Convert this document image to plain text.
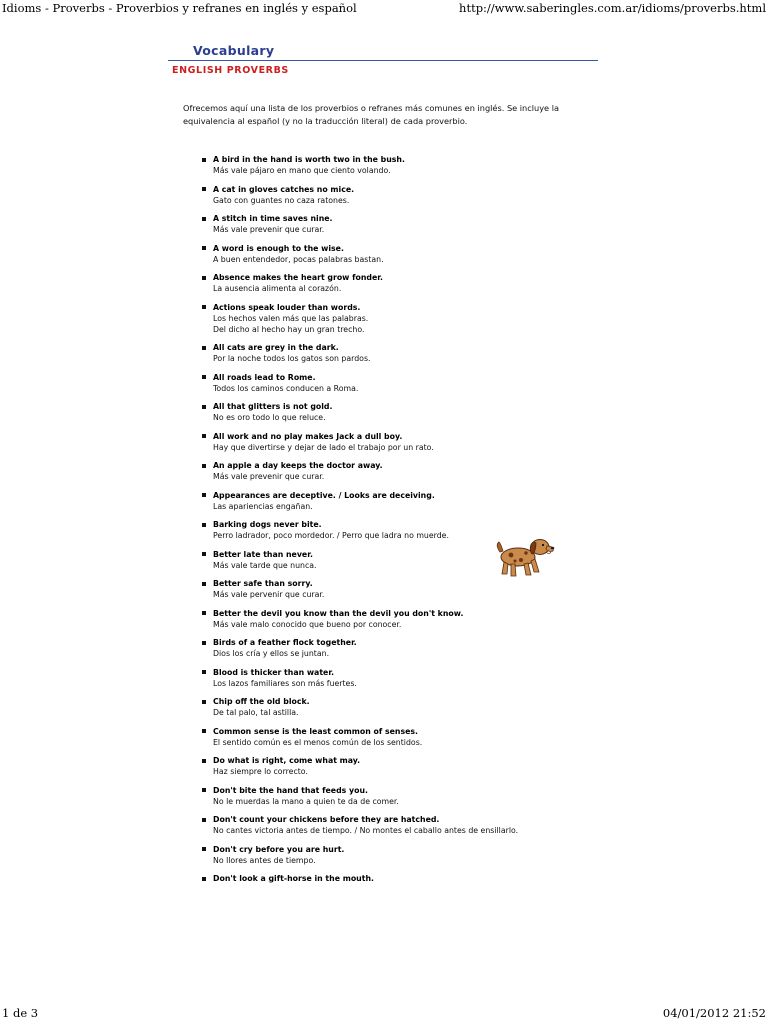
Idioms - Proverbs - Proverbios y refranes en inglés y español	http://www.saberingles.com.ar/idioms/proverbs.html
Vocabulary
ENGLISH PROVERBS
Ofrecemos aquí una lista de los proverbios o refranes más comunes en inglés. Se incluye la equivalencia al español (y no la traducción literal) de cada proverbio.
A bird in the hand is worth two in the bush.
Más vale pájaro en mano que ciento volando.
A cat in gloves catches no mice.
Gato con guantes no caza ratones.
A stitch in time saves nine.
Más vale prevenir que curar.
A word is enough to the wise.
A buen entendedor, pocas palabras bastan.
Absence makes the heart grow fonder.
La ausencia alimenta al corazón.
Actions speak louder than words.
Los hechos valen más que las palabras.
Del dicho al hecho hay un gran trecho.
All cats are grey in the dark.
Por la noche todos los gatos son pardos.
All roads lead to Rome.
Todos los caminos conducen a Roma.
All that glitters is not gold.
No es oro todo lo que reluce.
All work and no play makes Jack a dull boy.
Hay que divertirse y dejar de lado el trabajo por un rato.
An apple a day keeps the doctor away.
Más vale prevenir que curar.
Appearances are deceptive. / Looks are deceiving.
Las apariencias engañan.
Barking dogs never bite.
Perro ladrador, poco mordedor. / Perro que ladra no muerde.
Better late than never.
Más vale tarde que nunca.
Better safe than sorry.
Más vale pervenir que curar.
Better the devil you know than the devil you don't know.
Más vale malo conocido que bueno por conocer.
Birds of a feather flock together.
Dios los cría y ellos se juntan.
Blood is thicker than water.
Los lazos familiares son más fuertes.
Chip off the old block.
De tal palo, tal astilla.
Common sense is the least common of senses.
El sentido común es el menos común de los sentidos.
Do what is right, come what may.
Haz siempre lo correcto.
Don't bite the hand that feeds you.
No le muerdas la mano a quien te da de comer.
Don't count your chickens before they are hatched.
No cantes victoria antes de tiempo. / No montes el caballo antes de ensillarlo.
Don't cry before you are hurt.
No llores antes de tiempo.
Don't look a gift-horse in the mouth.
1 de 3	04/01/2012 21:52
